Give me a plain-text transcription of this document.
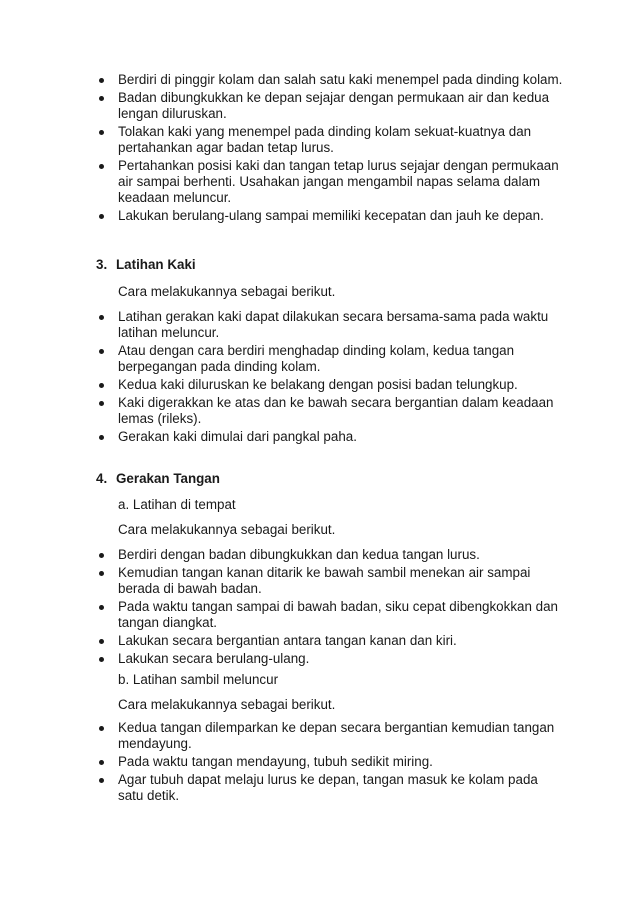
Berdiri di pinggir kolam dan salah satu kaki menempel pada dinding kolam.
Badan dibungkukkan ke depan sejajar dengan permukaan air dan kedua lengan diluruskan.
Tolakan kaki yang menempel pada dinding kolam sekuat-kuatnya dan pertahankan agar badan tetap lurus.
Pertahankan posisi kaki dan tangan tetap lurus sejajar dengan permukaan air sampai berhenti. Usahakan jangan mengambil napas selama dalam keadaan meluncur.
Lakukan berulang-ulang sampai memiliki kecepatan dan jauh ke depan.
3. Latihan Kaki
Cara melakukannya sebagai berikut.
Latihan gerakan kaki dapat dilakukan secara bersama-sama pada waktu latihan meluncur.
Atau dengan cara berdiri menghadap dinding kolam, kedua tangan berpegangan pada dinding kolam.
Kedua kaki diluruskan ke belakang dengan posisi badan telungkup.
Kaki digerakkan ke atas dan ke bawah secara bergantian dalam keadaan lemas (rileks).
Gerakan kaki dimulai dari pangkal paha.
4. Gerakan Tangan
a. Latihan di tempat
Cara melakukannya sebagai berikut.
Berdiri dengan badan dibungkukkan dan kedua tangan lurus.
Kemudian tangan kanan ditarik ke bawah sambil menekan air sampai berada di bawah badan.
Pada waktu tangan sampai di bawah badan, siku cepat dibengkokkan dan tangan diangkat.
Lakukan secara bergantian antara tangan kanan dan kiri.
Lakukan secara berulang-ulang.
b. Latihan sambil meluncur
Cara melakukannya sebagai berikut.
Kedua tangan dilemparkan ke depan secara bergantian kemudian tangan mendayung.
Pada waktu tangan mendayung, tubuh sedikit miring.
Agar tubuh dapat melaju lurus ke depan, tangan masuk ke kolam pada satu detik.
